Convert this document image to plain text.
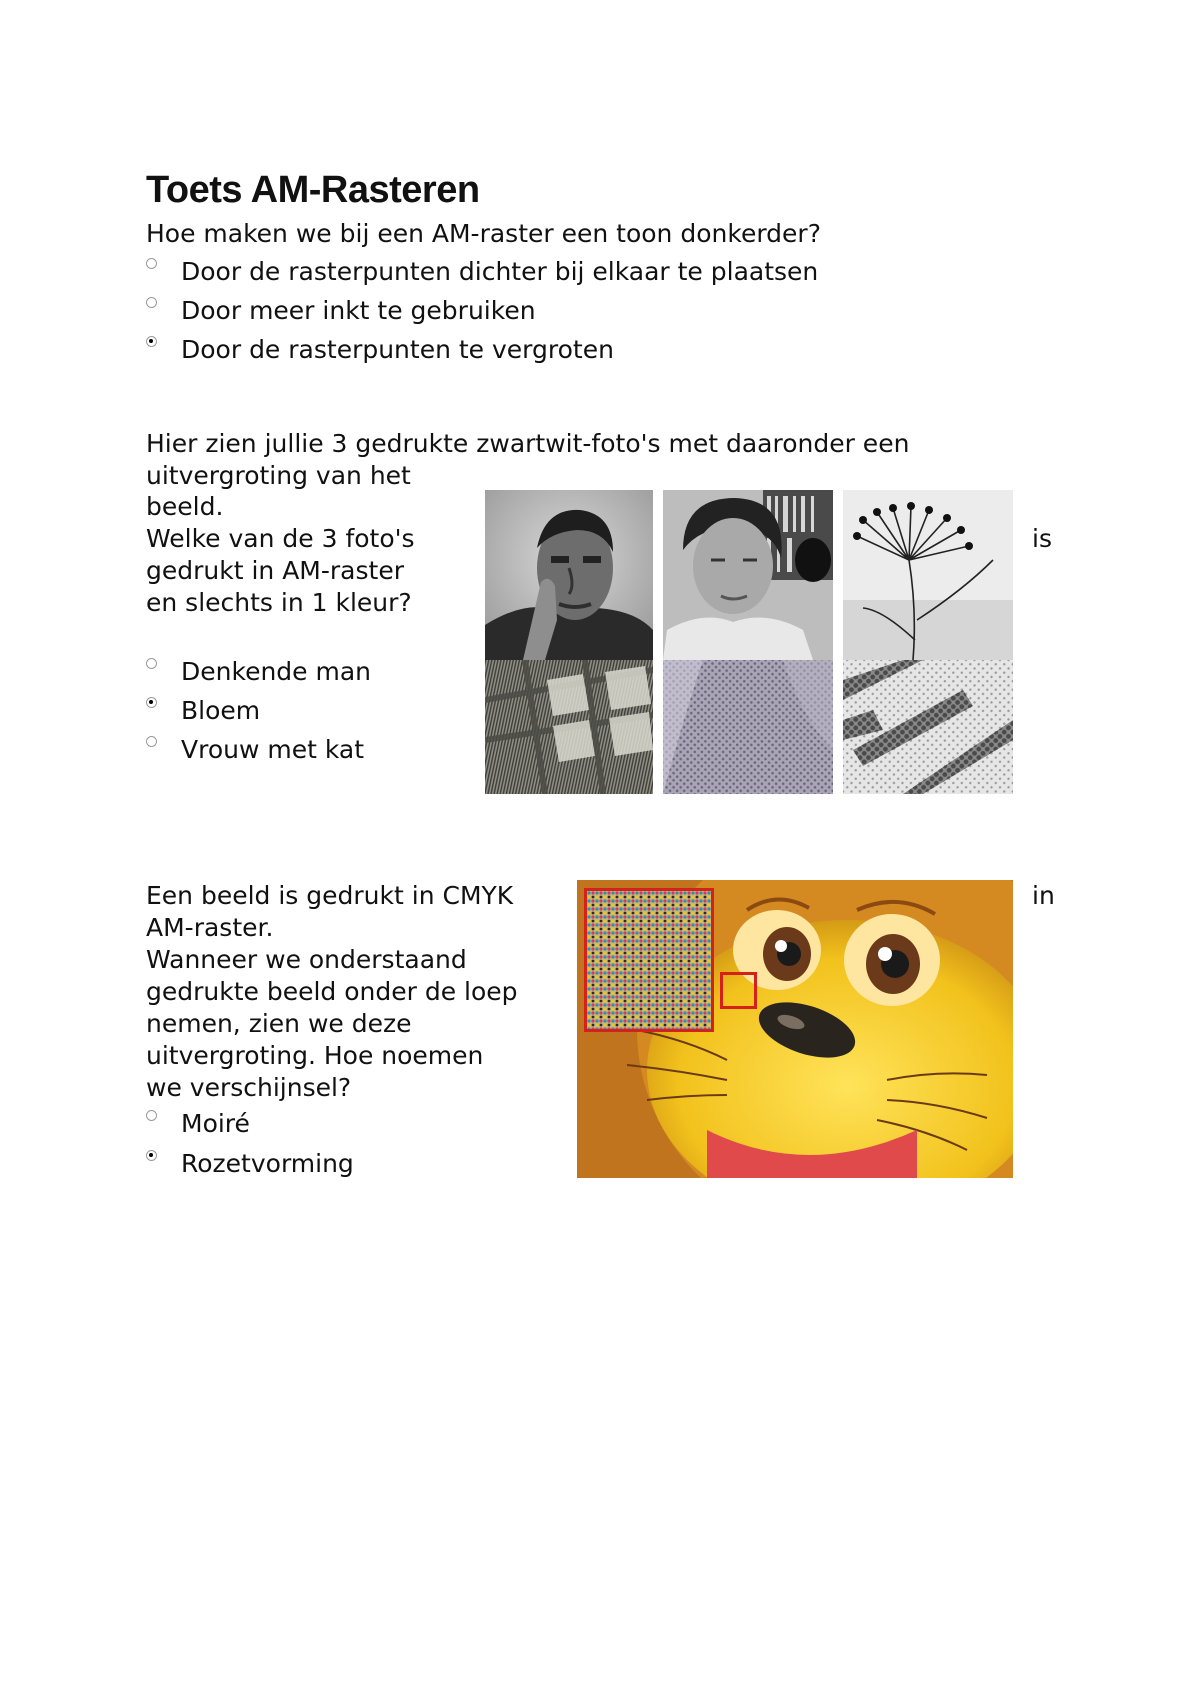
Toets AM-Rasteren
Hoe maken we bij een AM-raster een toon donkerder?
Door de rasterpunten dichter bij elkaar te plaatsen
Door meer inkt te gebruiken
Door de rasterpunten te vergroten
Hier zien jullie 3 gedrukte zwartwit-foto's met daaronder een
uitvergroting van het
beeld.
Welke van de 3 foto's
gedrukt in AM-raster
en slechts in 1 kleur?
is
Denkende man
Bloem
Vrouw met kat
Een beeld is gedrukt in CMYK
AM-raster.
Wanneer we onderstaand
gedrukte beeld onder de loep
nemen, zien we deze
uitvergroting. Hoe noemen
we verschijnsel?
in
Moiré
Rozetvorming
